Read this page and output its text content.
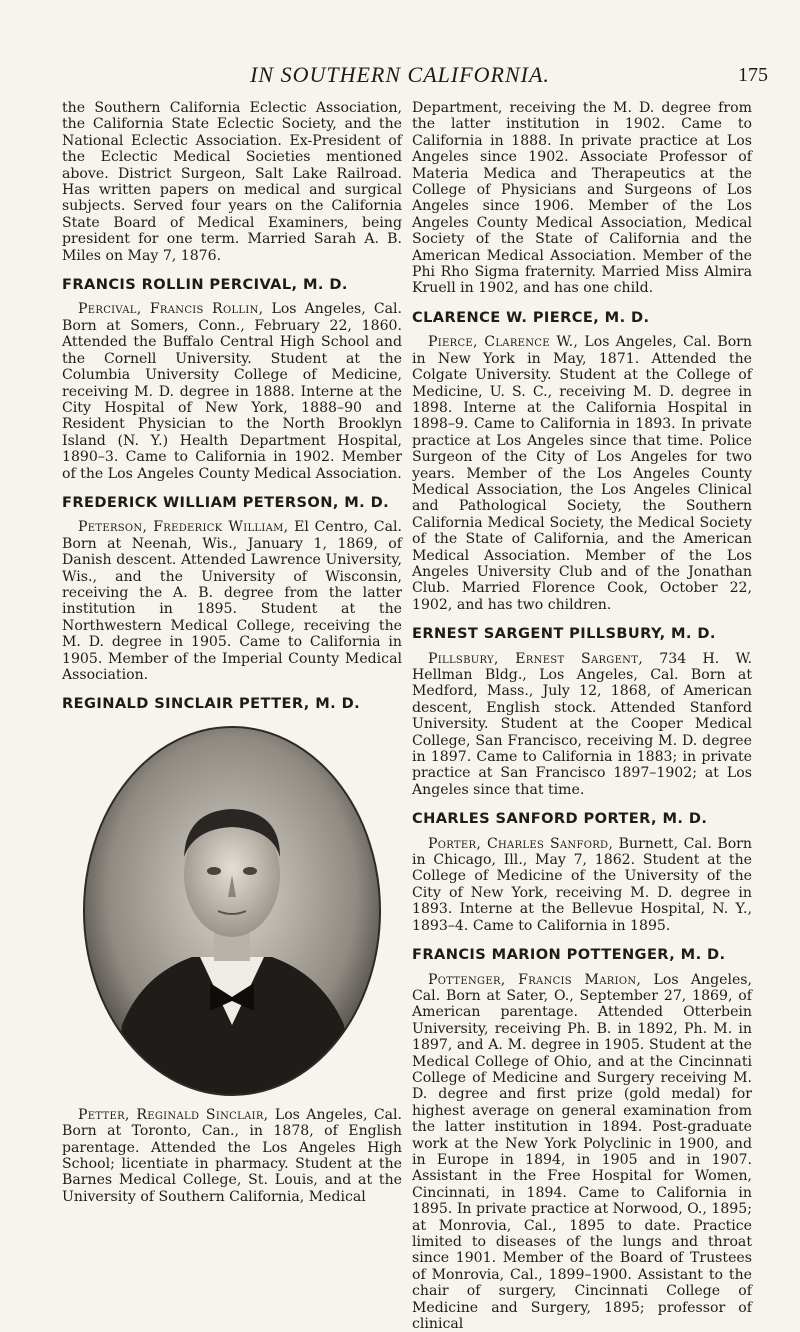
IN SOUTHERN CALIFORNIA.	175

the Southern California Eclectic Association, the California State Eclectic Society, and the National Eclectic Association. Ex-President of the Eclectic Medical Societies mentioned above. District Surgeon, Salt Lake Railroad. Has written papers on medical and surgical subjects. Served four years on the California State Board of Medical Examiners, being president for one term. Married Sarah A. B. Miles on May 7, 1876.

FRANCIS ROLLIN PERCIVAL, M. D.

Percival, Francis Rollin, Los Angeles, Cal. Born at Somers, Conn., February 22, 1860. Attended the Buffalo Central High School and the Cornell University. Student at the Columbia University College of Medicine, receiving M. D. degree in 1888. Interne at the City Hospital of New York, 1888–90 and Resident Physician to the North Brooklyn Island (N. Y.) Health Department Hospital, 1890–3. Came to California in 1902. Member of the Los Angeles County Medical Association.

FREDERICK WILLIAM PETERSON, M. D.

Peterson, Frederick William, El Centro, Cal. Born at Neenah, Wis., January 1, 1869, of Danish descent. Attended Lawrence University, Wis., and the University of Wisconsin, receiving the A. B. degree from the latter institution in 1895. Student at the Northwestern Medical College, receiving the M. D. degree in 1905. Came to California in 1905. Member of the Imperial County Medical Association.

REGINALD SINCLAIR PETTER, M. D.

Petter, Reginald Sinclair, Los Angeles, Cal. Born at Toronto, Can., in 1878, of English parentage. Attended the Los Angeles High School; licentiate in pharmacy. Student at the Barnes Medical College, St. Louis, and at the University of Southern California, Medical

Department, receiving the M. D. degree from the latter institution in 1902. Came to California in 1888. In private practice at Los Angeles since 1902. Associate Professor of Materia Medica and Therapeutics at the College of Physicians and Surgeons of Los Angeles since 1906. Member of the Los Angeles County Medical Association, Medical Society of the State of California and the American Medical Association. Member of the Phi Rho Sigma fraternity. Married Miss Almira Kruell in 1902, and has one child.

CLARENCE W. PIERCE, M. D.

Pierce, Clarence W., Los Angeles, Cal. Born in New York in May, 1871. Attended the Colgate University. Student at the College of Medicine, U. S. C., receiving M. D. degree in 1898. Interne at the California Hospital in 1898–9. Came to California in 1893. In private practice at Los Angeles since that time. Police Surgeon of the City of Los Angeles for two years. Member of the Los Angeles County Medical Association, the Los Angeles Clinical and Pathological Society, the Southern California Medical Society, the Medical Society of the State of California, and the American Medical Association. Member of the Los Angeles University Club and of the Jonathan Club. Married Florence Cook, October 22, 1902, and has two children.

ERNEST SARGENT PILLSBURY, M. D.

Pillsbury, Ernest Sargent, 734 H. W. Hellman Bldg., Los Angeles, Cal. Born at Medford, Mass., July 12, 1868, of American descent, English stock. Attended Stanford University. Student at the Cooper Medical College, San Francisco, receiving M. D. degree in 1897. Came to California in 1883; in private practice at San Francisco 1897–1902; at Los Angeles since that time.

CHARLES SANFORD PORTER, M. D.

Porter, Charles Sanford, Burnett, Cal. Born in Chicago, Ill., May 7, 1862. Student at the College of Medicine of the University of the City of New York, receiving M. D. degree in 1893. Interne at the Bellevue Hospital, N. Y., 1893–4. Came to California in 1895.

FRANCIS MARION POTTENGER, M. D.

Pottenger, Francis Marion, Los Angeles, Cal. Born at Sater, O., September 27, 1869, of American parentage. Attended Otterbein University, receiving Ph. B. in 1892, Ph. M. in 1897, and A. M. degree in 1905. Student at the Medical College of Ohio, and at the Cincinnati College of Medicine and Surgery receiving M. D. degree and first prize (gold medal) for highest average on general examination from the latter institution in 1894. Post-graduate work at the New York Polyclinic in 1900, and in Europe in 1894, in 1905 and in 1907. Assistant in the Free Hospital for Women, Cincinnati, in 1894. Came to California in 1895. In private practice at Norwood, O., 1895; at Monrovia, Cal., 1895 to date. Practice limited to diseases of the lungs and throat since 1901. Member of the Board of Trustees of Monrovia, Cal., 1899–1900. Assistant to the chair of surgery, Cincinnati College of Medicine and Surgery, 1895; professor of clinical
